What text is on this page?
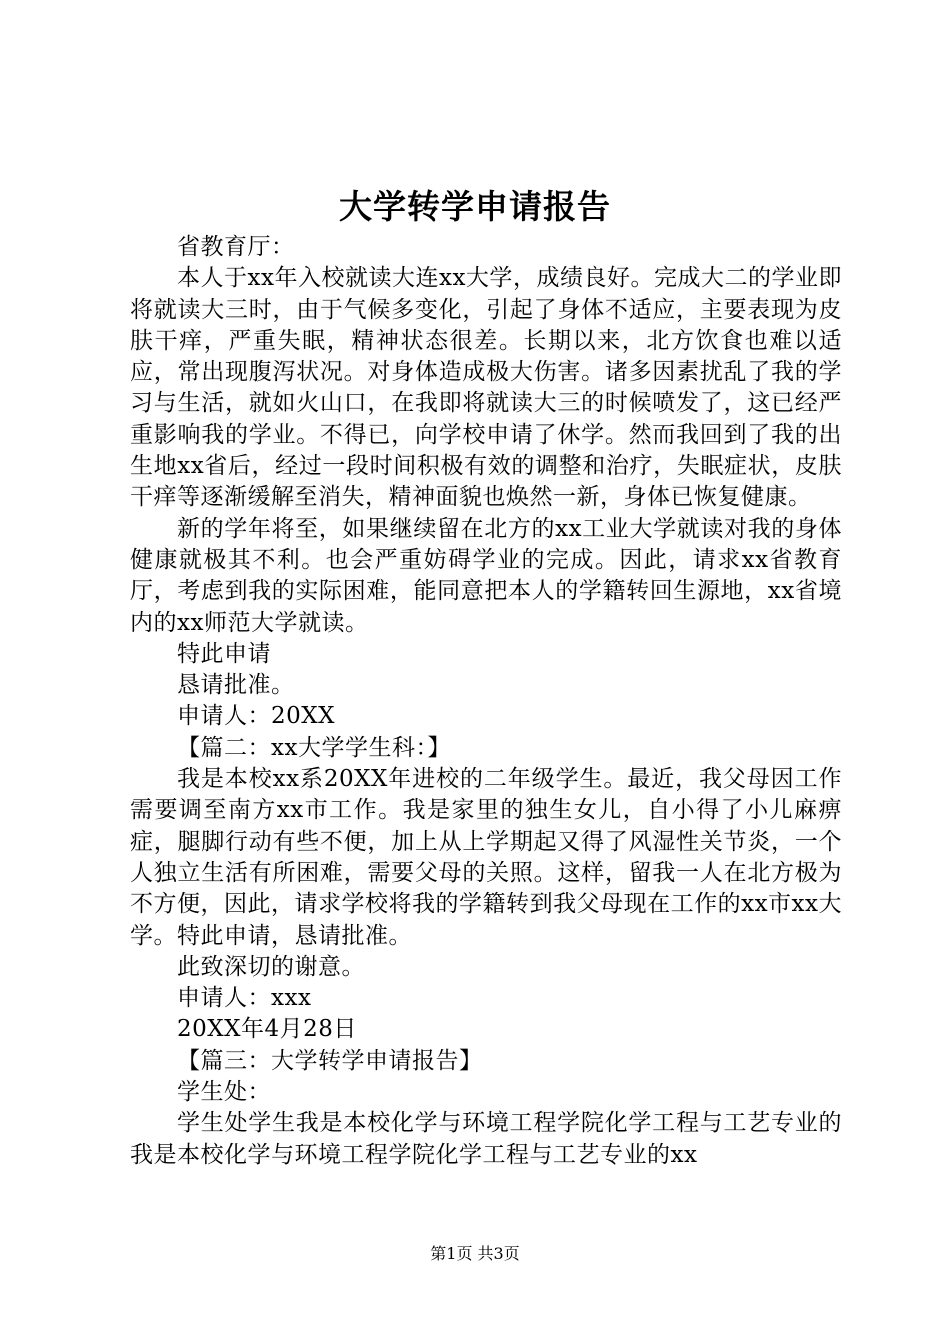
大学转学申请报告

省教育厅：

本人于xx年入校就读大连xx大学，成绩良好。完成大二的学业即将就读大三时，由于气候多变化，引起了身体不适应，主要表现为皮肤干痒，严重失眠，精神状态很差。长期以来，北方饮食也难以适应，常出现腹泻状况。对身体造成极大伤害。诸多因素扰乱了我的学习与生活，就如火山口，在我即将就读大三的时候喷发了，这已经严重影响我的学业。不得已，向学校申请了休学。然而我回到了我的出生地xx省后，经过一段时间积极有效的调整和治疗，失眠症状，皮肤干痒等逐渐缓解至消失，精神面貌也焕然一新，身体已恢复健康。

新的学年将至，如果继续留在北方的xx工业大学就读对我的身体健康就极其不利。也会严重妨碍学业的完成。因此，请求xx省教育厅，考虑到我的实际困难，能同意把本人的学籍转回生源地，xx省境内的xx师范大学就读。

特此申请

恳请批准。

申请人：20XX

【篇二：xx大学学生科：】

我是本校xx系20XX年进校的二年级学生。最近，我父母因工作需要调至南方xx市工作。我是家里的独生女儿，自小得了小儿麻痹症，腿脚行动有些不便，加上从上学期起又得了风湿性关节炎，一个人独立生活有所困难，需要父母的关照。这样，留我一人在北方极为不方便，因此，请求学校将我的学籍转到我父母现在工作的xx市xx大学。特此申请，恳请批准。

此致深切的谢意。

申请人：xxx

20XX年4月28日

【篇三：大学转学申请报告】

学生处：

学生处学生我是本校化学与环境工程学院化学工程与工艺专业的我是本校化学与环境工程学院化学工程与工艺专业的xx

第1页 共3页
